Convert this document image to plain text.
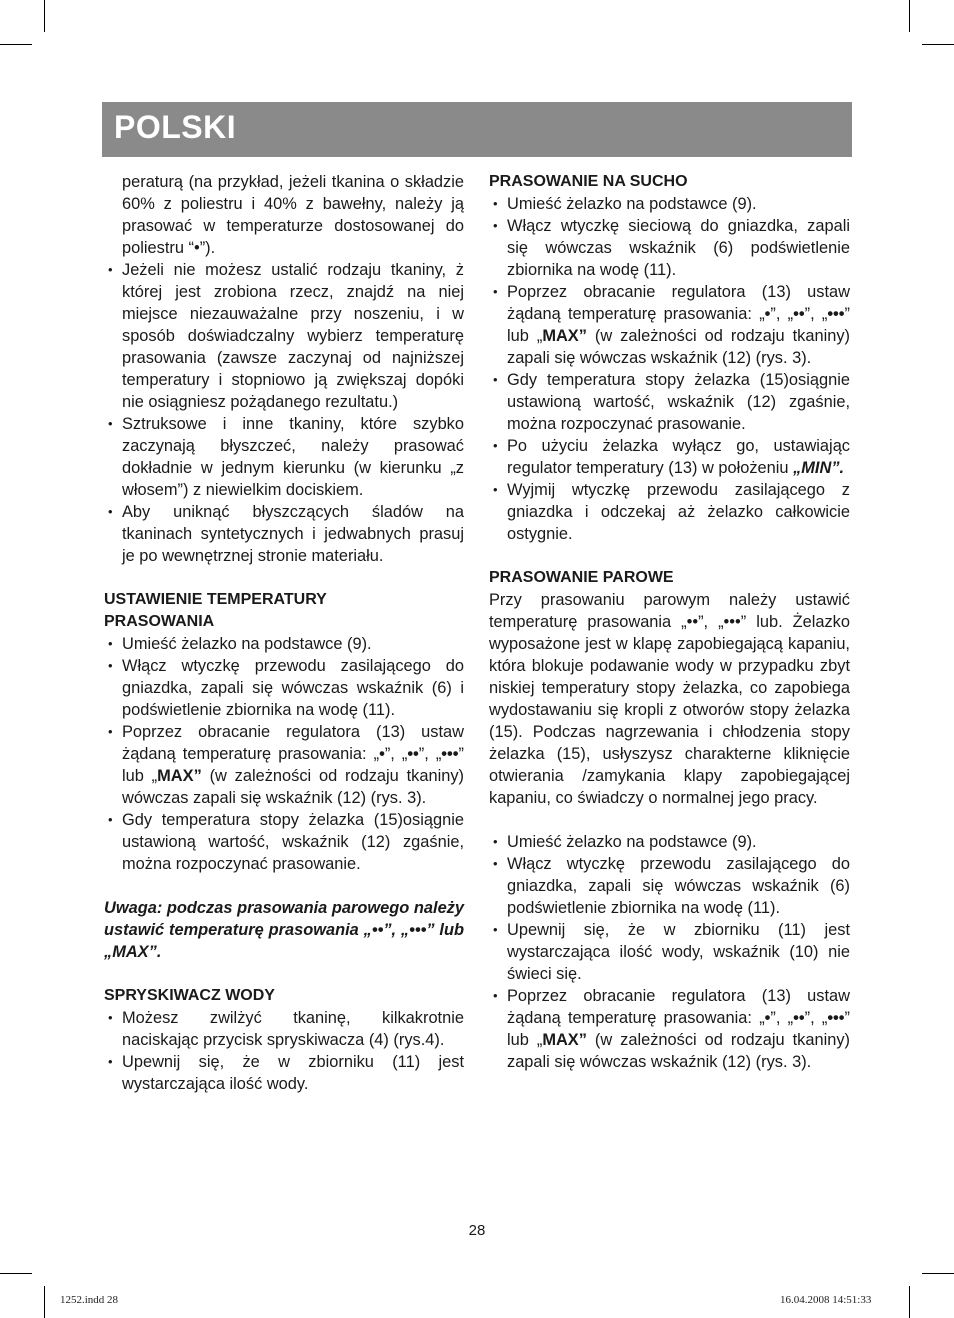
POLSKI

peraturą (na przykład, jeżeli tkanina o składzie 60% z poliestru i 40% z bawełny, należy ją prasować w temperaturze dostosowanej do poliestru “•”).

• Jeżeli nie możesz ustalić rodzaju tkaniny, ż której jest zrobiona rzecz, znajdź na niej miejsce niezauważalne przy noszeniu, i w sposób doświadczalny wybierz temperaturę prasowania (zawsze zaczynaj od najniższej temperatury i stopniowo ją zwiększaj dopóki nie osiągniesz pożądanego rezultatu.)
• Sztruksowe i inne tkaniny, które szybko zaczynają błyszczeć, należy prasować dokładnie w jednym kierunku (w kierunku „z włosem”) z niewielkim dociskiem.
• Aby uniknąć błyszczących śladów na tkaninach syntetycznych i jedwabnych prasuj je po wewnętrznej stronie materiału.

USTAWIENIE TEMPERATURY
PRASOWANIA

• Umieść żelazko na podstawce (9).
• Włącz wtyczkę przewodu zasilającego do gniazdka, zapali się wówczas wskaźnik (6) i podświetlenie zbiornika na wodę (11).
• Poprzez obracanie regulatora (13) ustaw żądaną temperaturę prasowania: „•”, „••”, „•••” lub „MAX” (w zależności od rodzaju tkaniny) wówczas zapali się wskaźnik (12) (rys. 3).
• Gdy temperatura stopy żelazka (15)osiągnie ustawioną wartość, wskaźnik (12) zgaśnie, można rozpoczynać prasowanie.

Uwaga: podczas prasowania parowego należy ustawić temperaturę prasowania „••”, „•••” lub „MAX”.

SPRYSKIWACZ WODY

• Możesz zwilżyć tkaninę, kilkakrotnie naciskając przycisk spryskiwacza (4) (rys.4).
• Upewnij się, że w zbiorniku (11) jest wystarczająca ilość wody.

PRASOWANIE NA SUCHO

• Umieść żelazko na podstawce (9).
• Włącz wtyczkę sieciową do gniazdka, zapali się wówczas wskaźnik (6) podświetlenie zbiornika na wodę (11).
• Poprzez obracanie regulatora (13) ustaw żądaną temperaturę prasowania: „•”, „••”, „•••” lub „MAX” (w zależności od rodzaju tkaniny) zapali się wówczas wskaźnik (12) (rys. 3).
• Gdy temperatura stopy żelazka (15)osiągnie ustawioną wartość, wskaźnik (12) zgaśnie, można rozpoczynać prasowanie.
• Po użyciu żelazka wyłącz go, ustawiając regulator temperatury (13) w położeniu „MIN”.
• Wyjmij wtyczkę przewodu zasilającego z gniazdka i odczekaj aż żelazko całkowicie ostygnie.

PRASOWANIE PAROWE

Przy prasowaniu parowym należy ustawić temperaturę prasowania „••”, „•••” lub. Żelazko wyposażone jest w klapę zapobiegającą kapaniu, która blokuje podawanie wody w przypadku zbyt niskiej temperatury stopy żelazka, co zapobiega wydostawaniu się kropli z otworów stopy żelazka (15). Podczas nagrzewania i chłodzenia stopy żelazka (15), usłyszysz charakterne kliknięcie otwierania /zamykania klapy zapobiegającej kapaniu, co świadczy o normalnej jego pracy.

• Umieść żelazko na podstawce (9).
• Włącz wtyczkę przewodu zasilającego do gniazdka, zapali się wówczas wskaźnik (6) podświetlenie zbiornika na wodę (11).
• Upewnij się, że w zbiorniku (11) jest wystarczająca ilość wody, wskaźnik (10) nie świeci się.
• Poprzez obracanie regulatora (13) ustaw żądaną temperaturę prasowania: „•”, „••”, „•••” lub „MAX” (w zależności od rodzaju tkaniny) zapali się wówczas wskaźnik (12) (rys. 3).
28
1252.indd 28	16.04.2008 14:51:33
